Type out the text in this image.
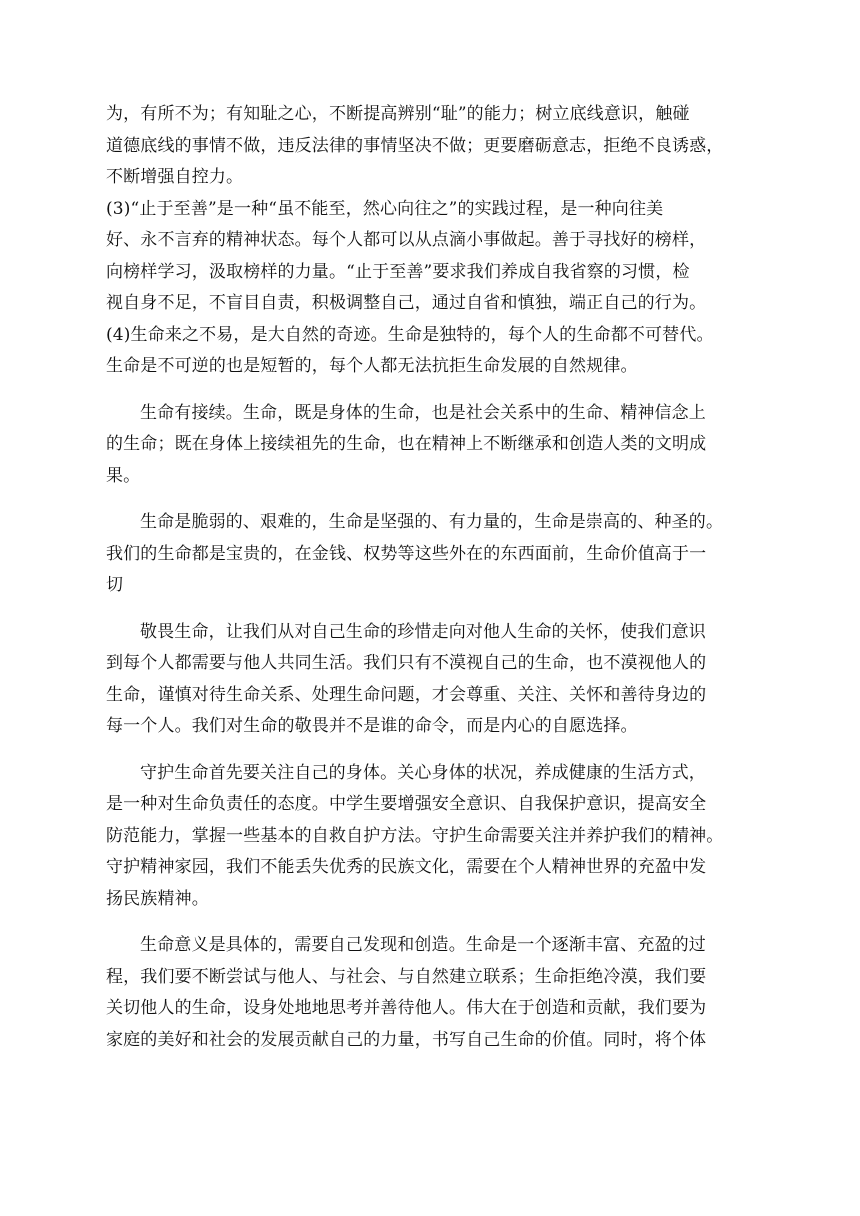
为，有所不为；有知耻之心，不断提高辨别“耻”的能力；树立底线意识，触碰
道德底线的事情不做，违反法律的事情坚决不做；更要磨砺意志，拒绝不良诱惑，
不断增强自控力。
(3)“止于至善”是一种“虽不能至，然心向往之”的实践过程，是一种向往美
好、永不言弃的精神状态。每个人都可以从点滴小事做起。善于寻找好的榜样，
向榜样学习，汲取榜样的力量。“止于至善”要求我们养成自我省察的习惯，检
视自身不足，不盲目自责，积极调整自己，通过自省和慎独，端正自己的行为。
(4)生命来之不易，是大自然的奇迹。生命是独特的，每个人的生命都不可替代。
生命是不可逆的也是短暂的，每个人都无法抗拒生命发展的自然规律。
生命有接续。生命，既是身体的生命，也是社会关系中的生命、精神信念上
的生命；既在身体上接续祖先的生命，也在精神上不断继承和创造人类的文明成
果。
生命是脆弱的、艰难的，生命是坚强的、有力量的，生命是崇高的、种圣的。
我们的生命都是宝贵的，在金钱、权势等这些外在的东西面前，生命价值高于一
切
敬畏生命，让我们从对自己生命的珍惜走向对他人生命的关怀，使我们意识
到每个人都需要与他人共同生活。我们只有不漠视自己的生命，也不漠视他人的
生命，谨慎对待生命关系、处理生命问题，才会尊重、关注、关怀和善待身边的
每一个人。我们对生命的敬畏并不是谁的命令，而是内心的自愿选择。
守护生命首先要关注自己的身体。关心身体的状况，养成健康的生活方式，
是一种对生命负责任的态度。中学生要增强安全意识、自我保护意识，提高安全
防范能力，掌握一些基本的自救自护方法。守护生命需要关注并养护我们的精神。
守护精神家园，我们不能丢失优秀的民族文化，需要在个人精神世界的充盈中发
扬民族精神。
生命意义是具体的，需要自己发现和创造。生命是一个逐渐丰富、充盈的过
程，我们要不断尝试与他人、与社会、与自然建立联系；生命拒绝冷漠，我们要
关切他人的生命，设身处地地思考并善待他人。伟大在于创造和贡献，我们要为
家庭的美好和社会的发展贡献自己的力量，书写自己生命的价值。同时，将个体
